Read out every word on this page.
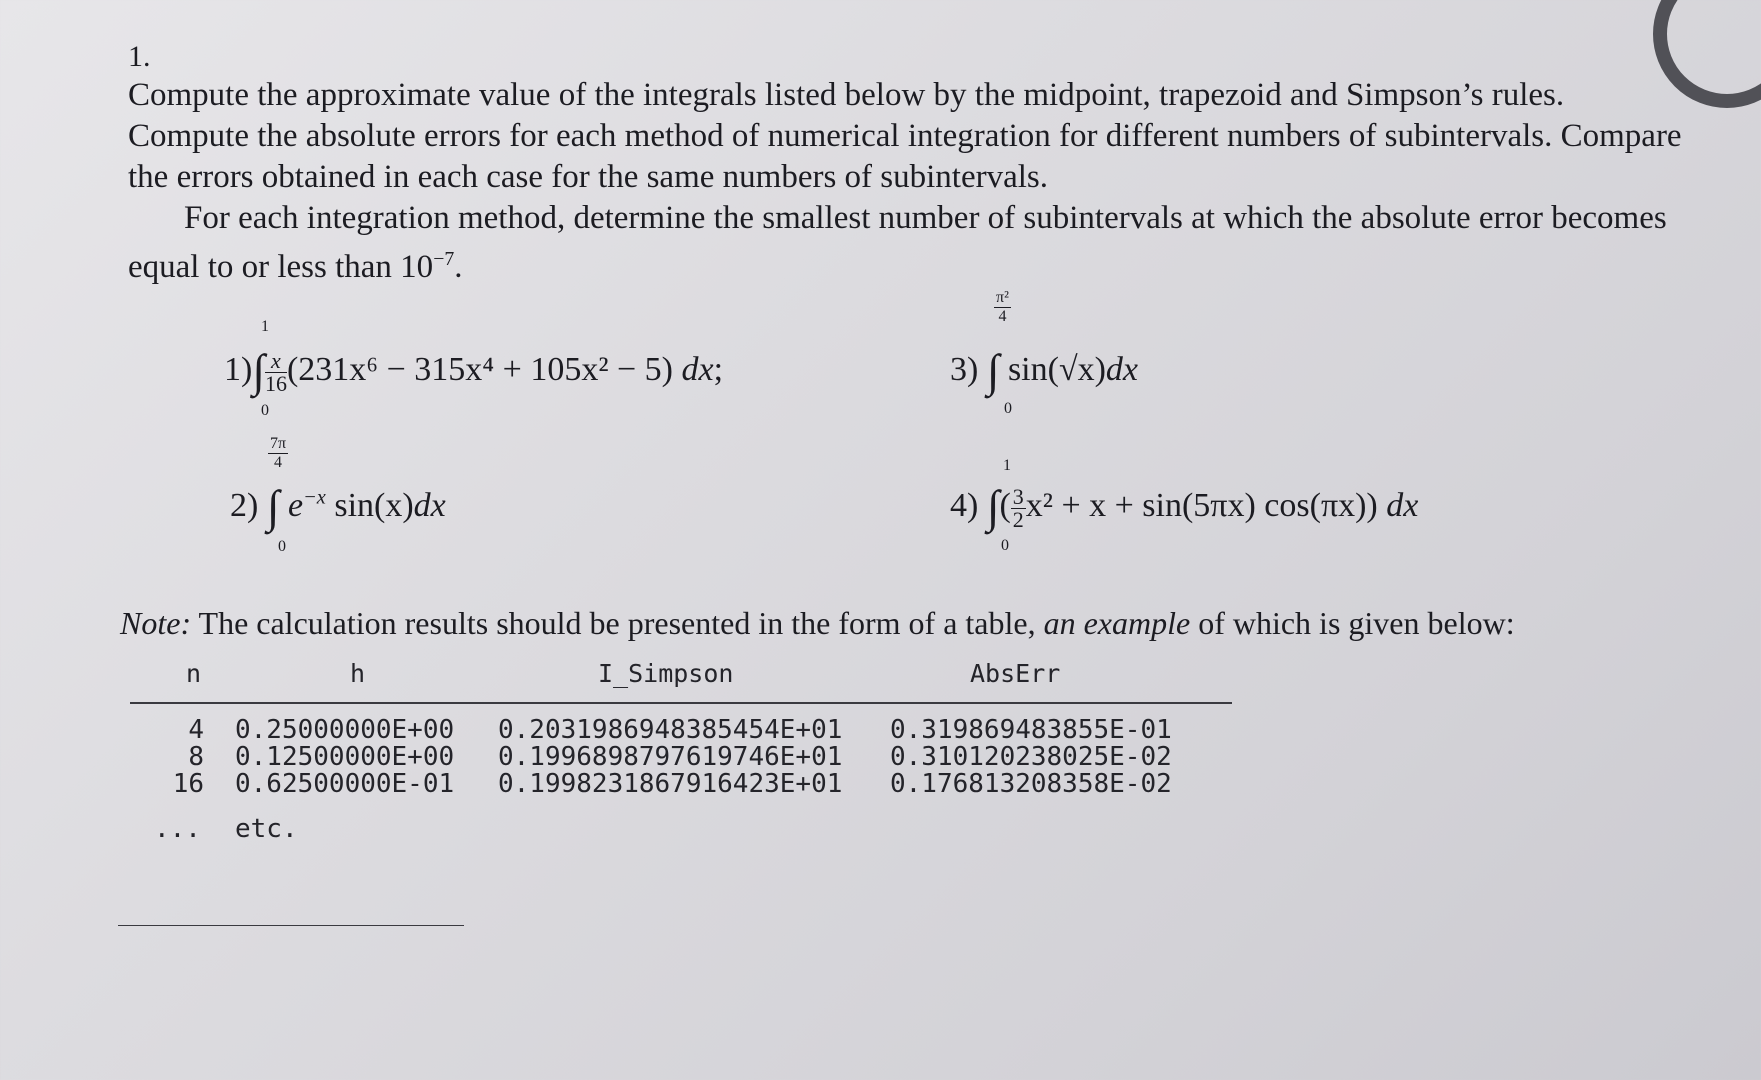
1.

Compute the approximate value of the integrals listed below by the midpoint, trapezoid and Simpson’s rules. Compute the absolute errors for each method of numerical integration for different numbers of subintervals. Compare the errors obtained in each case for the same numbers of subintervals.

For each integration method, determine the smallest number of subintervals at which the absolute error becomes equal to or less than $10^{-7}$.

1
0
$1)\int \frac{x}{16} (231x^6 - 315x^4 + 105x^2 - 5)$ dx;
$\frac{7\pi}{4}$
0
2) ∫ $e^{-x}$ sin(x)dx
$\frac{\text{π²}}{4}$
0
3) ∫ sin(√x)dx
1
0
4) ∫( $\frac{3}{2} x^2 + x + \sin(5\pi x)$ cos(πx)) dx
Note: The calculation results should be presented in the form of a table, an example of which is given below:
n	h	I_Simpson	AbsErr
4 0.25000000E+00 0.2031986948385454E+01 0.319869483855E-01
8 0.12500000E+00 0.1996898797619746E+01 0.310120238025E-02
16 0.62500000E-01 0.1998231867916423E+01 0.176813208358E-02
... etc.
